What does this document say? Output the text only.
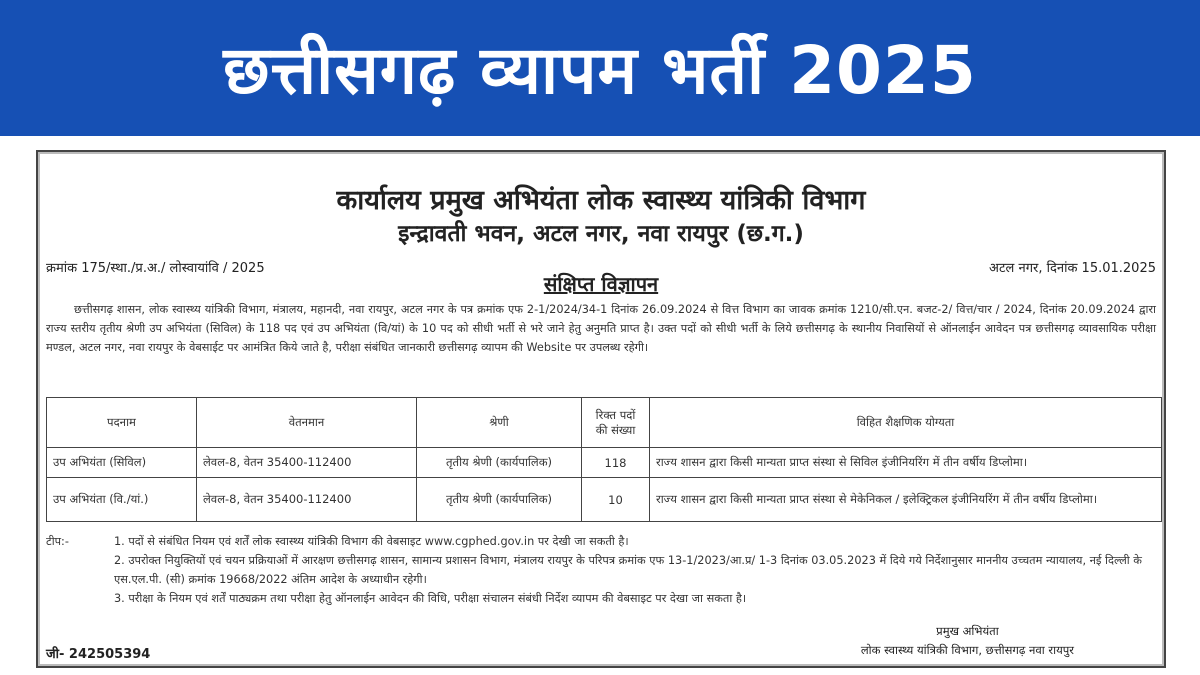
छत्तीसगढ़ व्यापम भर्ती 2025
कार्यालय प्रमुख अभियंता लोक स्वास्थ्य यांत्रिकी विभाग
इन्द्रावती भवन, अटल नगर, नवा रायपुर (छ.ग.)
क्रमांक 175/स्था./प्र.अ./ लोस्वायांवि / 2025	अटल नगर, दिनांक 15.01.2025
संक्षिप्त विज्ञापन
छत्तीसगढ़ शासन, लोक स्वास्थ्य यांत्रिकी विभाग, मंत्रालय, महानदी, नवा रायपुर, अटल नगर के पत्र क्रमांक एफ 2-1/2024/34-1 दिनांक 26.09.2024 से वित्त विभाग का जावक क्रमांक 1210/सी.एन. बजट-2/ वित्त/चार / 2024, दिनांक 20.09.2024 द्वारा राज्य स्तरीय तृतीय श्रेणी उप अभियंता (सिविल) के 118 पद एवं उप अभियंता (वि/यां) के 10 पद को सीधी भर्ती से भरे जाने हेतु अनुमति प्राप्त है। उक्त पदों को सीधी भर्ती के लिये छत्तीसगढ़ के स्थानीय निवासियों से ऑनलाईन आवेदन पत्र छत्तीसगढ़ व्यावसायिक परीक्षा मण्डल, अटल नगर, नवा रायपुर के वेबसाईट पर आमंत्रित किये जाते है, परीक्षा संबंधित जानकारी छत्तीसगढ़ व्यापम की Website पर उपलब्ध रहेगी।
पदनाम	वेतनमान	श्रेणी	रिक्त पदों की संख्या	विहित शैक्षणिक योग्यता
उप अभियंता (सिविल)	लेवल-8, वेतन 35400-112400	तृतीय श्रेणी (कार्यपालिक)	118	राज्य शासन द्वारा किसी मान्यता प्राप्त संस्था से सिविल इंजीनियरिंग में तीन वर्षीय डिप्लोमा।
उप अभियंता (वि./यां.)	लेवल-8, वेतन 35400-112400	तृतीय श्रेणी (कार्यपालिक)	10	राज्य शासन द्वारा किसी मान्यता प्राप्त संस्था से मेकेनिकल / इलेक्ट्रिकल इंजीनियरिंग में तीन वर्षीय डिप्लोमा।
टीप:-	1. पदों से संबंधित नियम एवं शर्तें लोक स्वास्थ्य यांत्रिकी विभाग की वेबसाइट www.cgphed.gov.in पर देखी जा सकती है।

2. उपरोक्त नियुक्तियों एवं चयन प्रक्रियाओं में आरक्षण छत्तीसगढ़ शासन, सामान्य प्रशासन विभाग, मंत्रालय रायपुर के परिपत्र क्रमांक एफ 13-1/2023/आ.प्र/ 1-3 दिनांक 03.05.2023 में दिये गये निर्देशानुसार माननीय उच्चतम न्यायालय, नई दिल्ली के एस.एल.पी. (सी) क्रमांक 19668/2022 अंतिम आदेश के अध्याधीन रहेगी।

3. परीक्षा के नियम एवं शर्तें पाठ्यक्रम तथा परीक्षा हेतु ऑनलाईन आवेदन की विधि, परीक्षा संचालन संबंधी निर्देश व्यापम की वेबसाइट पर देखा जा सकता है।

प्रमुख अभियंता
लोक स्वास्थ्य यांत्रिकी विभाग, छत्तीसगढ़ नवा रायपुर
जी- 242505394
